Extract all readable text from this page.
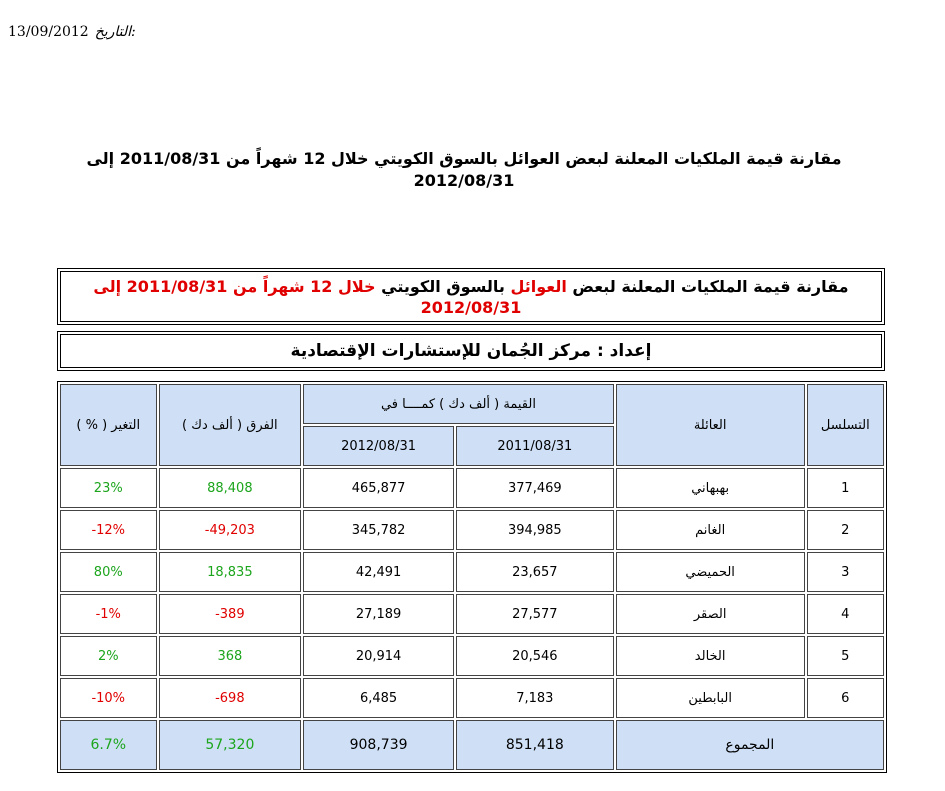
13/09/2012 التاريخ:
مقارنة قيمة الملكيات المعلنة لبعض العوائل بالسوق الكويتي خلال 12 شهراً من 2011/08/31 إلى 2012/08/31
مقارنة قيمة الملكيات المعلنة لبعض العوائل بالسوق الكويتي خلال 12 شهراً من 2011/08/31 إلى 2012/08/31
إعداد : مركز الجُمان للإستشارات الإقتصادية
التسلسل	العائلة	القيمة ( ألف دك ) كمــــا في		الفرق ( ألف دك )	التغير ( % )
		2011/08/31	2012/08/31		
1	بهبهاني	377,469	465,877	88,408	23%
2	الغانم	394,985	345,782	-49,203	-12%
3	الحميضي	23,657	42,491	18,835	80%
4	الصقر	27,577	27,189	-389	-1%
5	الخالد	20,546	20,914	368	2%
6	البابطين	7,183	6,485	-698	-10%
المجموع		851,418	908,739	57,320	6.7%
